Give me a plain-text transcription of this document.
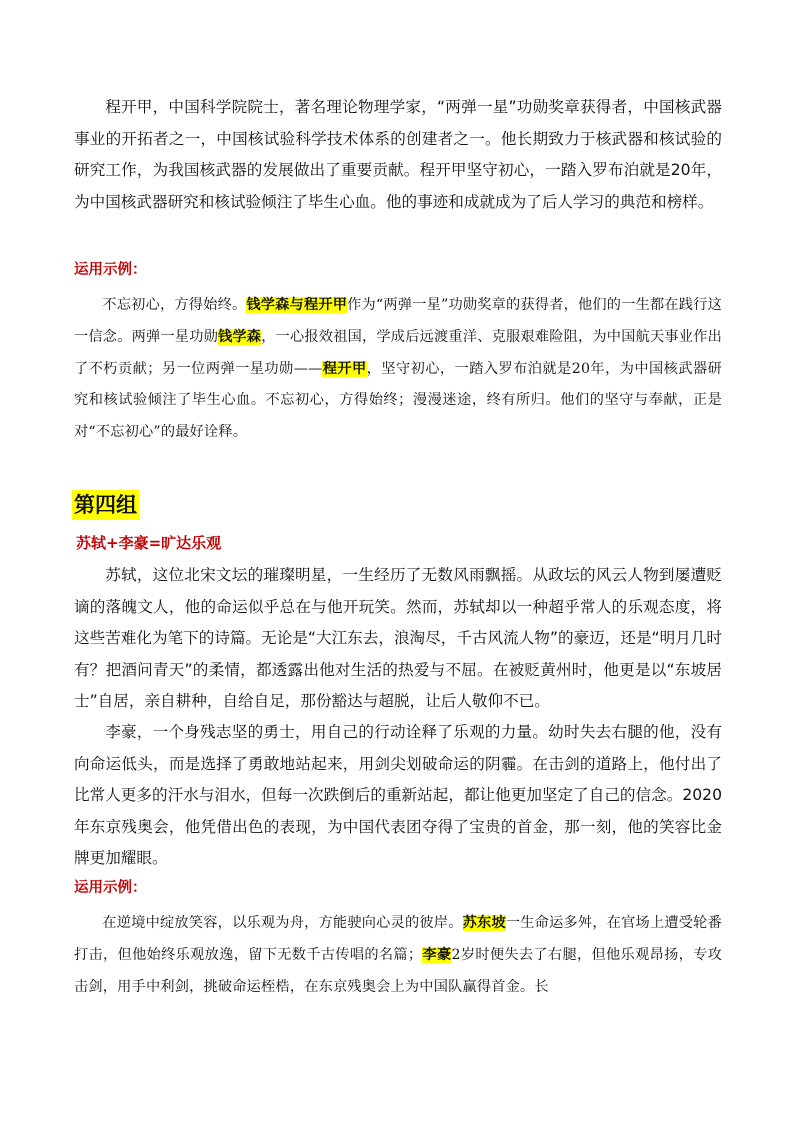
程开甲，中国科学院院士，著名理论物理学家，“两弹一星”功勋奖章获得者，中国核武器事业的开拓者之一，中国核试验科学技术体系的创建者之一。他长期致力于核武器和核试验的研究工作，为我国核武器的发展做出了重要贡献。程开甲坚守初心，一踏入罗布泊就是20年，为中国核武器研究和核试验倾注了毕生心血。他的事迹和成就成为了后人学习的典范和榜样。

运用示例：

不忘初心，方得始终。钱学森与程开甲作为“两弹一星”功勋奖章的获得者，他们的一生都在践行这一信念。两弹一星功勋钱学森，一心报效祖国，学成后远渡重洋、克服艰难险阻，为中国航天事业作出了不朽贡献；另一位两弹一星功勋——程开甲，坚守初心，一踏入罗布泊就是20年，为中国核武器研究和核试验倾注了毕生心血。不忘初心，方得始终；漫漫迷途，终有所归。他们的坚守与奉献，正是对“不忘初心”的最好诠释。

第四组

苏轼+李豪=旷达乐观

苏轼，这位北宋文坛的璀璨明星，一生经历了无数风雨飘摇。从政坛的风云人物到屡遭贬谪的落魄文人，他的命运似乎总在与他开玩笑。然而，苏轼却以一种超乎常人的乐观态度，将这些苦难化为笔下的诗篇。无论是“大江东去，浪淘尽，千古风流人物”的豪迈，还是“明月几时有？把酒问青天”的柔情，都透露出他对生活的热爱与不屈。在被贬黄州时，他更是以“东坡居士”自居，亲自耕种，自给自足，那份豁达与超脱，让后人敬仰不已。

李豪，一个身残志坚的勇士，用自己的行动诠释了乐观的力量。幼时失去右腿的他，没有向命运低头，而是选择了勇敢地站起来，用剑尖划破命运的阴霾。在击剑的道路上，他付出了比常人更多的汗水与泪水，但每一次跌倒后的重新站起，都让他更加坚定了自己的信念。2020年东京残奥会，他凭借出色的表现，为中国代表团夺得了宝贵的首金，那一刻，他的笑容比金牌更加耀眼。

运用示例：

在逆境中绽放笑容，以乐观为舟，方能驶向心灵的彼岸。苏东坡一生命运多舛，在官场上遭受轮番打击，但他始终乐观放逸，留下无数千古传唱的名篇；李豪2岁时便失去了右腿，但他乐观昂扬，专攻击剑，用手中利剑，挑破命运桎梏，在东京残奥会上为中国队赢得首金。长
